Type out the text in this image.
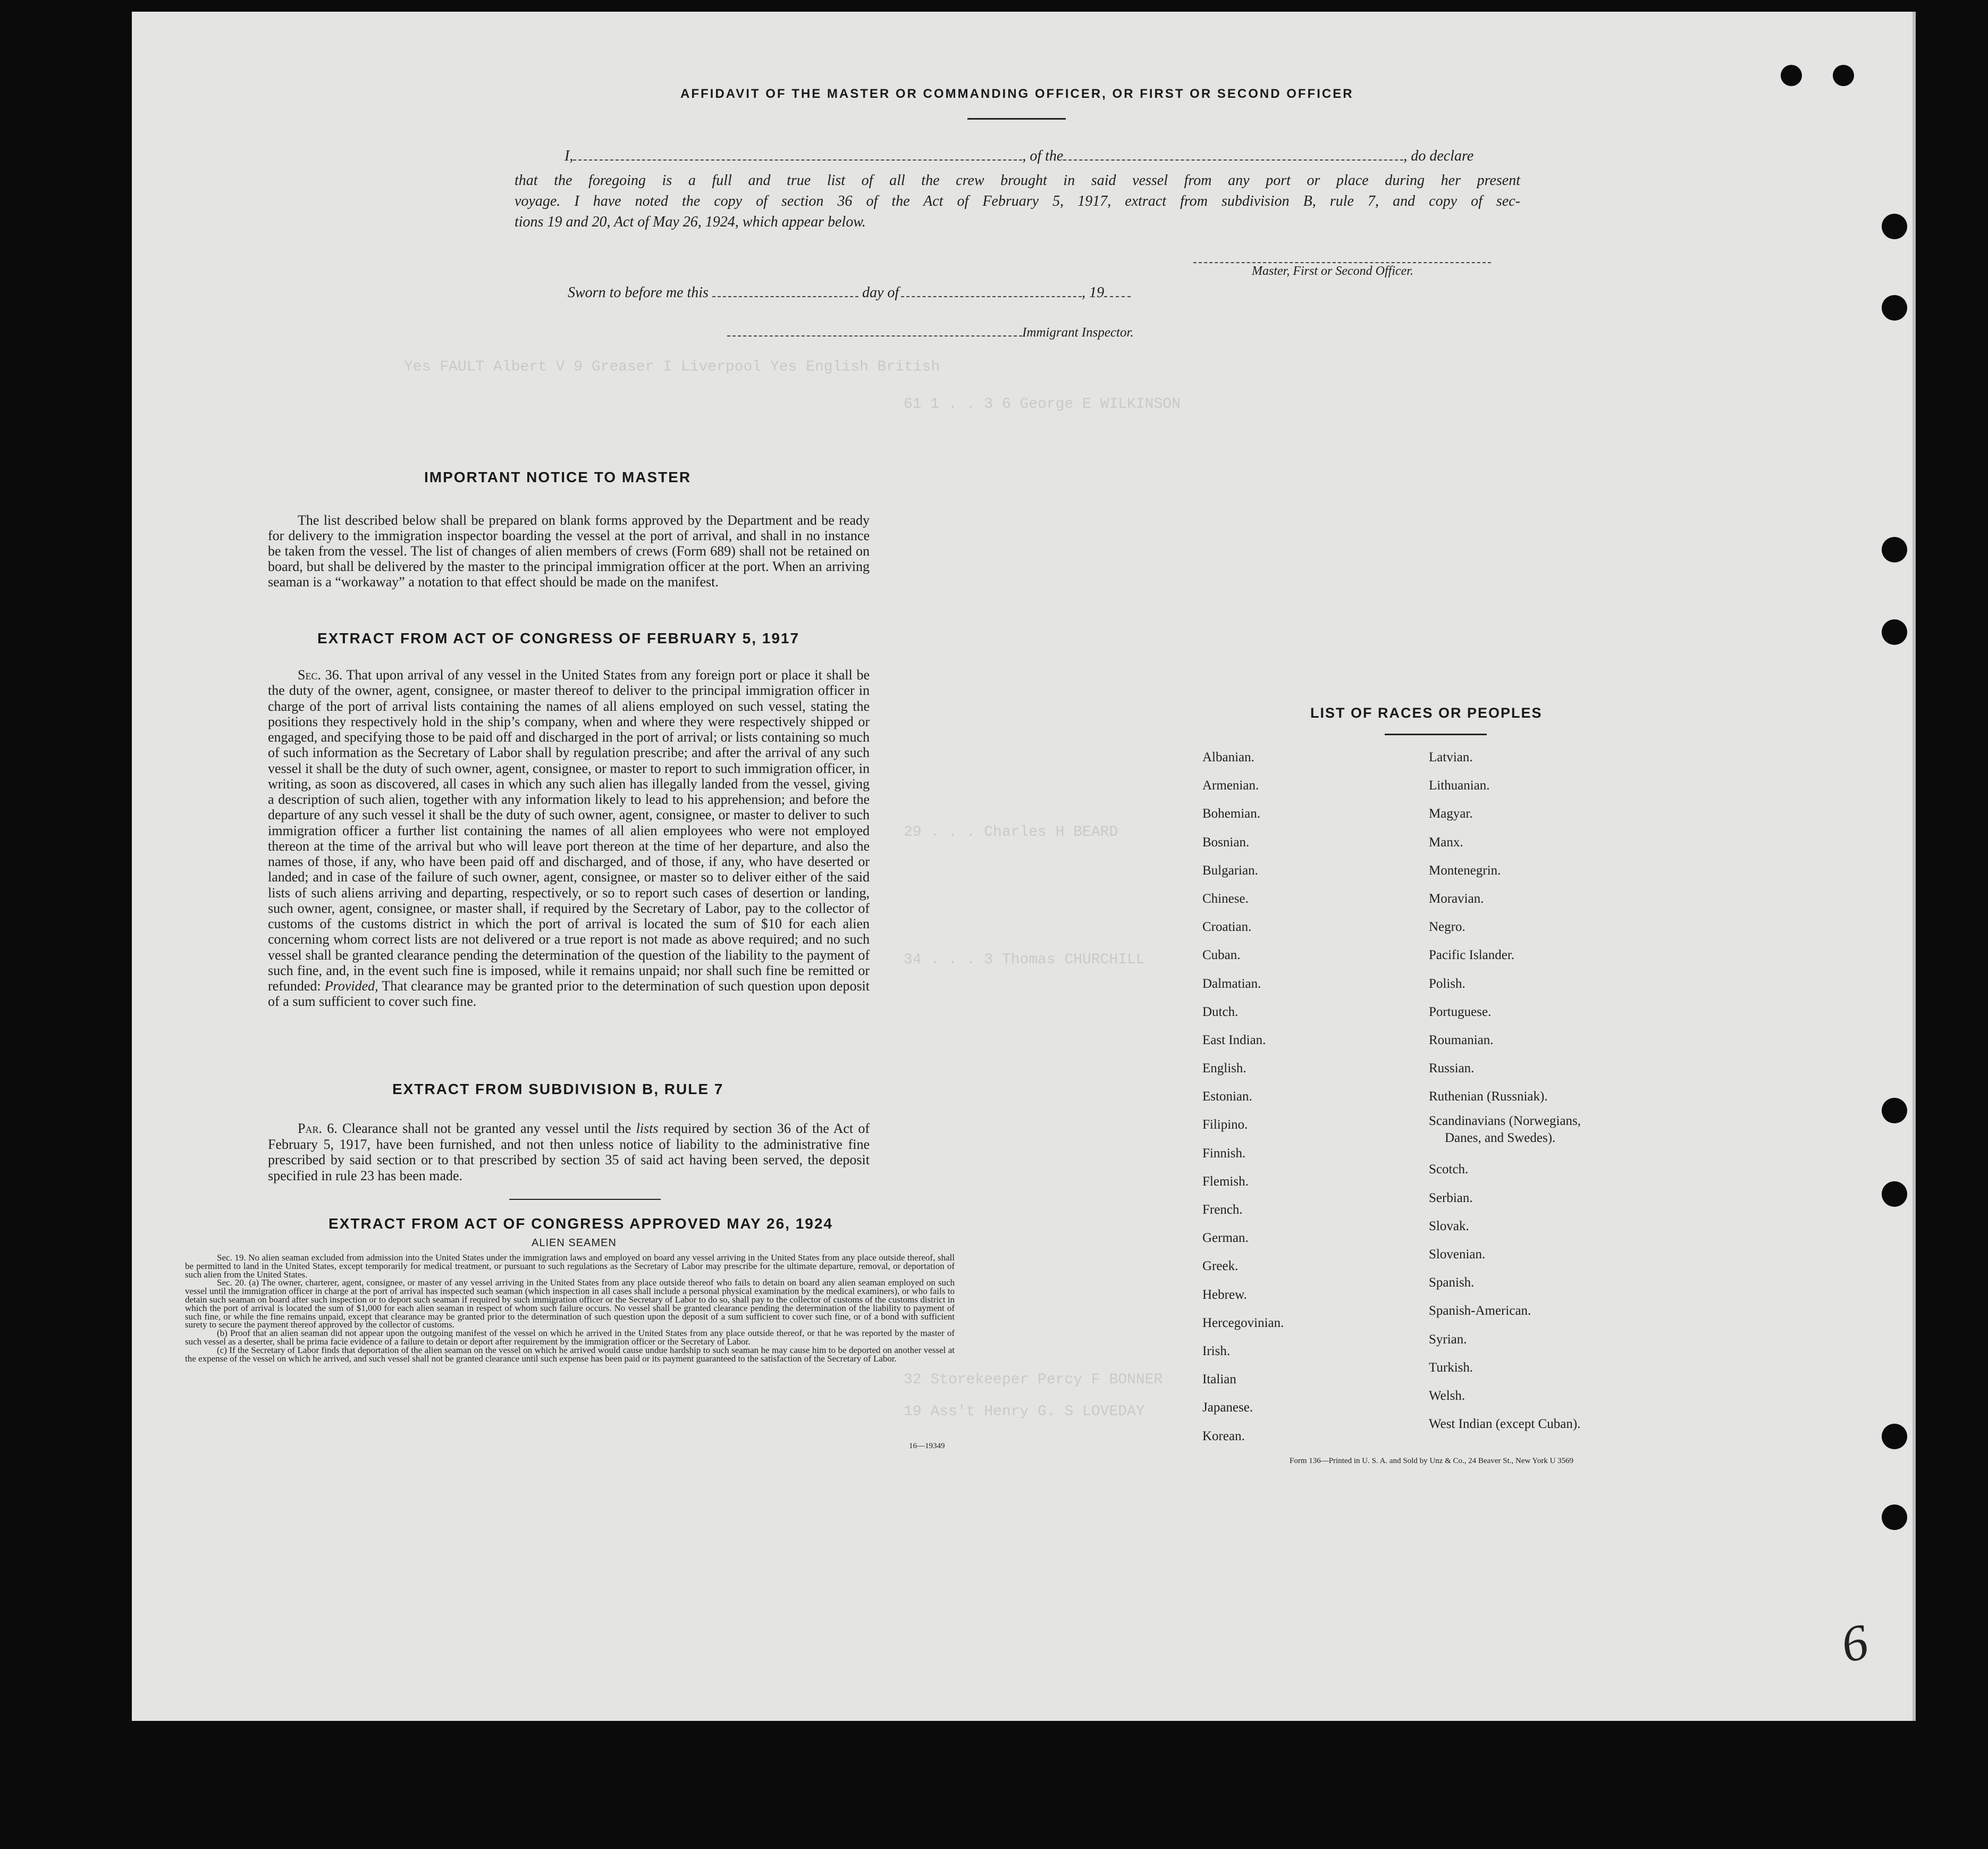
Yes FAULT Albert V 9 Greaser I Liverpool Yes English British
61 1 . . 3 6 George E WILKINSON
29 . . . Charles H BEARD
34 . . . 3 Thomas CHURCHILL
32 Storekeeper Percy F BONNER
19 Ass't Henry G. S LOVEDAY
AFFIDAVIT OF THE MASTER OR COMMANDING OFFICER, OR FIRST OR SECOND OFFICER
I,	, of the	, do declare
that the foregoing is a full and true list of all the crew brought in said vessel from any port or place during her present
voyage. I have noted the copy of section 36 of the Act of February 5, 1917, extract from subdivision B, rule 7, and copy of sec-
tions 19 and 20, Act of May 26, 1924, which appear below.
Master, First or Second Officer.
Sworn to before me this	day of	, 19
Immigrant Inspector.
IMPORTANT NOTICE TO MASTER
The list described below shall be prepared on blank forms approved by the Department and be ready for delivery to the immigration inspector boarding the vessel at the port of arrival, and shall in no instance be taken from the vessel. The list of changes of alien members of crews (Form 689) shall not be retained on board, but shall be delivered by the master to the principal immigration officer at the port. When an arriving seaman is a “workaway” a notation to that effect should be made on the manifest.
EXTRACT FROM ACT OF CONGRESS OF FEBRUARY 5, 1917
Sec. 36. That upon arrival of any vessel in the United States from any foreign port or place it shall be the duty of the owner, agent, consignee, or master thereof to deliver to the principal immigration officer in charge of the port of arrival lists containing the names of all aliens employed on such vessel, stating the positions they respectively hold in the ship’s company, when and where they were respectively shipped or engaged, and specifying those to be paid off and discharged in the port of arrival; or lists containing so much of such information as the Secretary of Labor shall by regulation prescribe; and after the arrival of any such vessel it shall be the duty of such owner, agent, consignee, or master to report to such immigration officer, in writing, as soon as discovered, all cases in which any such alien has illegally landed from the vessel, giving a description of such alien, together with any information likely to lead to his apprehension; and before the departure of any such vessel it shall be the duty of such owner, agent, consignee, or master to deliver to such immigration officer a further list containing the names of all alien employees who were not employed thereon at the time of the arrival but who will leave port thereon at the time of her departure, and also the names of those, if any, who have been paid off and discharged, and of those, if any, who have deserted or landed; and in case of the failure of such owner, agent, consignee, or master so to deliver either of the said lists of such aliens arriving and departing, respectively, or so to report such cases of desertion or landing, such owner, agent, consignee, or master shall, if required by the Secretary of Labor, pay to the collector of customs of the customs district in which the port of arrival is located the sum of $10 for each alien concerning whom correct lists are not delivered or a true report is not made as above required; and no such vessel shall be granted clearance pending the determination of the question of the liability to the payment of such fine, and, in the event such fine is imposed, while it remains unpaid; nor shall such fine be remitted or refunded: Provided, That clearance may be granted prior to the determination of such question upon deposit of a sum sufficient to cover such fine.
EXTRACT FROM SUBDIVISION B, RULE 7
Par. 6. Clearance shall not be granted any vessel until the lists required by section 36 of the Act of February 5, 1917, have been furnished, and not then unless notice of liability to the administrative fine prescribed by said section or to that prescribed by section 35 of said act having been served, the deposit specified in rule 23 has been made.
EXTRACT FROM ACT OF CONGRESS APPROVED MAY 26, 1924
ALIEN SEAMEN
Sec. 19. No alien seaman excluded from admission into the United States under the immigration laws and employed on board any vessel arriving in the United States from any place outside thereof, shall be permitted to land in the United States, except temporarily for medical treatment, or pursuant to such regulations as the Secretary of Labor may prescribe for the ultimate departure, removal, or deportation of such alien from the United States.
Sec. 20. (a) The owner, charterer, agent, consignee, or master of any vessel arriving in the United States from any place outside thereof who fails to detain on board any alien seaman employed on such vessel until the immigration officer in charge at the port of arrival has inspected such seaman (which inspection in all cases shall include a personal physical examination by the medical examiners), or who fails to detain such seaman on board after such inspection or to deport such seaman if required by such immigration officer or the Secretary of Labor to do so, shall pay to the collector of customs of the customs district in which the port of arrival is located the sum of $1,000 for each alien seaman in respect of whom such failure occurs. No vessel shall be granted clearance pending the determination of the liability to payment of such fine, or while the fine remains unpaid, except that clearance may be granted prior to the determination of such question upon the deposit of a sum sufficient to cover such fine, or of a bond with sufficient surety to secure the payment thereof approved by the collector of customs.
(b) Proof that an alien seaman did not appear upon the outgoing manifest of the vessel on which he arrived in the United States from any place outside thereof, or that he was reported by the master of such vessel as a deserter, shall be prima facie evidence of a failure to detain or deport after requirement by the immigration officer or the Secretary of Labor.
(c) If the Secretary of Labor finds that deportation of the alien seaman on the vessel on which he arrived would cause undue hardship to such seaman he may cause him to be deported on another vessel at the expense of the vessel on which he arrived, and such vessel shall not be granted clearance until such expense has been paid or its payment guaranteed to the satisfaction of the Secretary of Labor.
16—19349
LIST OF RACES OR PEOPLES
Albanian.
Armenian.
Bohemian.
Bosnian.
Bulgarian.
Chinese.
Croatian.
Cuban.
Dalmatian.
Dutch.
East Indian.
English.
Estonian.
Filipino.
Finnish.
Flemish.
French.
German.
Greek.
Hebrew.
Hercegovinian.
Irish.
Italian
Japanese.
Korean.
Latvian.
Lithuanian.
Magyar.
Manx.
Montenegrin.
Moravian.
Negro.
Pacific Islander.
Polish.
Portuguese.
Roumanian.
Russian.
Ruthenian (Russniak).
Scandinavians (Norwegians,
Danes, and Swedes).
Scotch.
Serbian.
Slovak.
Slovenian.
Spanish.
Spanish-American.
Syrian.
Turkish.
Welsh.
West Indian (except Cuban).
Form 136—Printed in U. S. A. and Sold by Unz & Co., 24 Beaver St., New York U 3569
6
